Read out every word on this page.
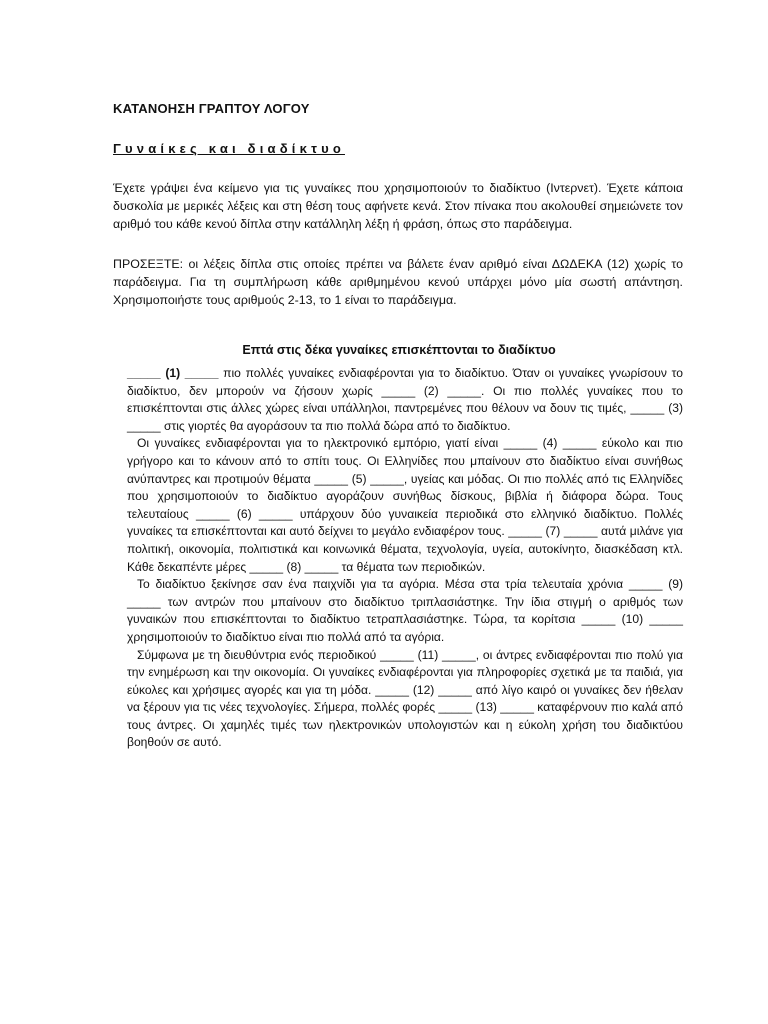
ΚΑΤΑΝΟΗΣΗ ΓΡΑΠΤΟΥ ΛΟΓΟΥ
Γυναίκες και διαδίκτυο
Έχετε γράψει ένα κείμενο για τις γυναίκες που χρησιμοποιούν το διαδίκτυο (Ιντερνετ). Έχετε κάποια δυσκολία με μερικές λέξεις και στη θέση τους αφήνετε κενά. Στον πίνακα που ακολουθεί σημειώνετε τον αριθμό του κάθε κενού δίπλα στην κατάλληλη λέξη ή φράση, όπως στο παράδειγμα.
ΠΡΟΣΕΞΤΕ: οι λέξεις δίπλα στις οποίες πρέπει να βάλετε έναν αριθμό είναι ΔΩΔΕΚΑ (12) χωρίς το παράδειγμα. Για τη συμπλήρωση κάθε αριθμημένου κενού υπάρχει μόνο μία σωστή απάντηση. Χρησιμοποιήστε τους αριθμούς 2-13, το 1 είναι το παράδειγμα.
Επτά στις δέκα γυναίκες επισκέπτονται το διαδίκτυο

_____ (1) _____ πιο πολλές γυναίκες ενδιαφέρονται για το διαδίκτυο. Όταν οι γυναίκες γνωρίσουν το διαδίκτυο, δεν μπορούν να ζήσουν χωρίς _____ (2) _____. Οι πιο πολλές γυναίκες που το επισκέπτονται στις άλλες χώρες είναι υπάλληλοι, παντρεμένες που θέλουν να δουν τις τιμές, _____ (3) _____ στις γιορτές θα αγοράσουν τα πιο πολλά δώρα από το διαδίκτυο.

Οι γυναίκες ενδιαφέρονται για το ηλεκτρονικό εμπόριο, γιατί είναι _____ (4) _____ εύκολο και πιο γρήγορο και το κάνουν από το σπίτι τους. Οι Ελληνίδες που μπαίνουν στο διαδίκτυο είναι συνήθως ανύπαντρες και προτιμούν θέματα _____ (5) _____, υγείας και μόδας. Οι πιο πολλές από τις Ελληνίδες που χρησιμοποιούν το διαδίκτυο αγοράζουν συνήθως δίσκους, βιβλία ή διάφορα δώρα. Τους τελευταίους _____ (6) _____ υπάρχουν δύο γυναικεία περιοδικά στο ελληνικό διαδίκτυο. Πολλές γυναίκες τα επισκέπτονται και αυτό δείχνει το μεγάλο ενδιαφέρον τους. _____ (7) _____ αυτά μιλάνε για πολιτική, οικονομία, πολιτιστικά και κοινωνικά θέματα, τεχνολογία, υγεία, αυτοκίνητο, διασκέδαση κτλ. Κάθε δεκαπέντε μέρες _____ (8) _____ τα θέματα των περιοδικών.

Το διαδίκτυο ξεκίνησε σαν ένα παιχνίδι για τα αγόρια. Μέσα στα τρία τελευταία χρόνια _____ (9) _____ των αντρών που μπαίνουν στο διαδίκτυο τριπλασιάστηκε. Την ίδια στιγμή ο αριθμός των γυναικών που επισκέπτονται το διαδίκτυο τετραπλασιάστηκε. Τώρα, τα κορίτσια _____ (10) _____ χρησιμοποιούν το διαδίκτυο είναι πιο πολλά από τα αγόρια.

Σύμφωνα με τη διευθύντρια ενός περιοδικού _____ (11) _____, οι άντρες ενδιαφέρονται πιο πολύ για την ενημέρωση και την οικονομία. Οι γυναίκες ενδιαφέρονται για πληροφορίες σχετικά με τα παιδιά, για εύκολες και χρήσιμες αγορές και για τη μόδα. _____ (12) _____ από λίγο καιρό οι γυναίκες δεν ήθελαν να ξέρουν για τις νέες τεχνολογίες. Σήμερα, πολλές φορές _____ (13) _____ καταφέρνουν πιο καλά από τους άντρες. Οι χαμηλές τιμές των ηλεκτρονικών υπολογιστών και η εύκολη χρήση του διαδικτύου βοηθούν σε αυτό.
